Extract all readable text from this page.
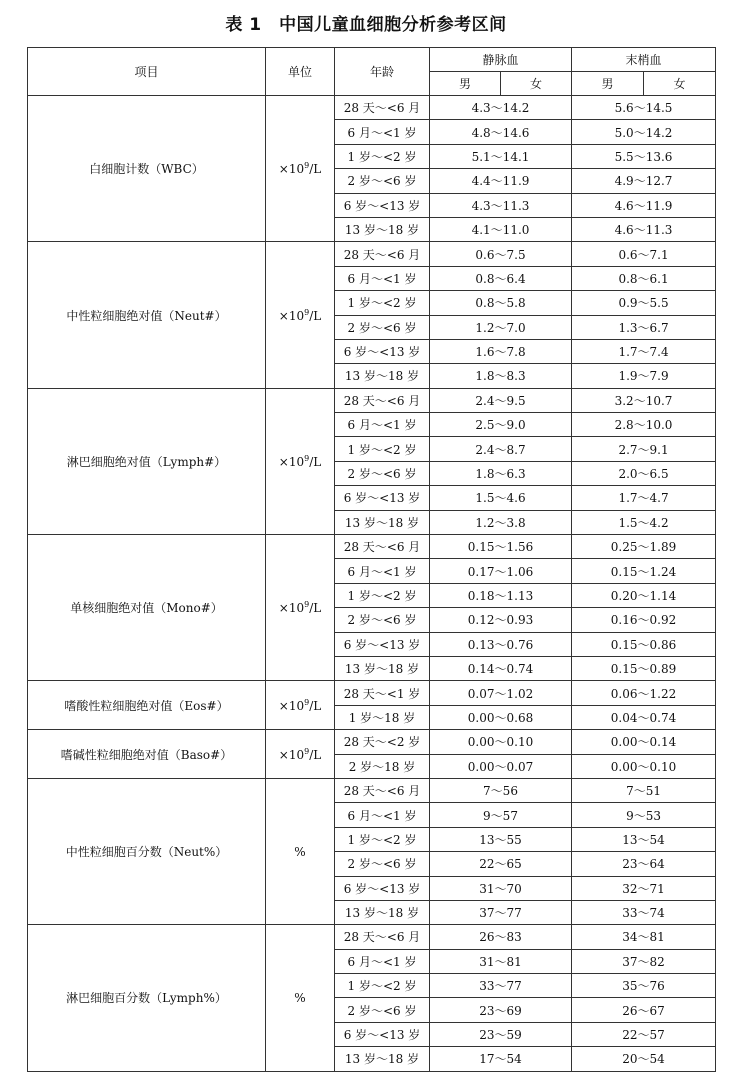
表 1　中国儿童血细胞分析参考区间
项目	单位	年龄	静脉血		末梢血	
			男	女	男	女
白细胞计数（WBC）	$\times 10^9/L$	28 天～<6 月	4.3～14.2		5.6～14.5	
		6 月～<1 岁	4.8～14.6		5.0～14.2	
		1 岁～<2 岁	5.1～14.1		5.5～13.6	
		2 岁～<6 岁	4.4～11.9		4.9～12.7	
		6 岁～<13 岁	4.3～11.3		4.6～11.9	
		13 岁～18 岁	4.1～11.0		4.6～11.3	
中性粒细胞绝对值（Neut#）	$\times 10^9/L$	28 天～<6 月	0.6～7.5		0.6～7.1	
		6 月～<1 岁	0.8～6.4		0.8～6.1	
		1 岁～<2 岁	0.8～5.8		0.9～5.5	
		2 岁～<6 岁	1.2～7.0		1.3～6.7	
		6 岁～<13 岁	1.6～7.8		1.7～7.4	
		13 岁～18 岁	1.8～8.3		1.9～7.9	
淋巴细胞绝对值（Lymph#）	$\times 10^9/L$	28 天～<6 月	2.4～9.5		3.2～10.7	
		6 月～<1 岁	2.5～9.0		2.8～10.0	
		1 岁～<2 岁	2.4～8.7		2.7～9.1	
		2 岁～<6 岁	1.8～6.3		2.0～6.5	
		6 岁～<13 岁	1.5～4.6		1.7～4.7	
		13 岁～18 岁	1.2～3.8		1.5～4.2	
单核细胞绝对值（Mono#）	$\times 10^9/L$	28 天～<6 月	0.15～1.56		0.25～1.89	
		6 月～<1 岁	0.17～1.06		0.15～1.24	
		1 岁～<2 岁	0.18～1.13		0.20～1.14	
		2 岁～<6 岁	0.12～0.93		0.16～0.92	
		6 岁～<13 岁	0.13～0.76		0.15～0.86	
		13 岁～18 岁	0.14～0.74		0.15～0.89	
嗜酸性粒细胞绝对值（Eos#）	$\times 10^9/L$	28 天～<1 岁	0.07～1.02		0.06～1.22	
		1 岁～18 岁	0.00～0.68		0.04～0.74	
嗜碱性粒细胞绝对值（Baso#）	$\times 10^9/L$	28 天～<2 岁	0.00～0.10		0.00～0.14	
		2 岁～18 岁	0.00～0.07		0.00～0.10	
中性粒细胞百分数（Neut%）	%	28 天～<6 月	7～56		7～51	
		6 月～<1 岁	9～57		9～53	
		1 岁～<2 岁	13～55		13～54	
		2 岁～<6 岁	22～65		23～64	
		6 岁～<13 岁	31～70		32～71	
		13 岁～18 岁	37～77		33～74	
淋巴细胞百分数（Lymph%）	%	28 天～<6 月	26～83		34～81	
		6 月～<1 岁	31～81		37～82	
		1 岁～<2 岁	33～77		35～76	
		2 岁～<6 岁	23～69		26～67	
		6 岁～<13 岁	23～59		22～57	
		13 岁～18 岁	17～54		20～54	
